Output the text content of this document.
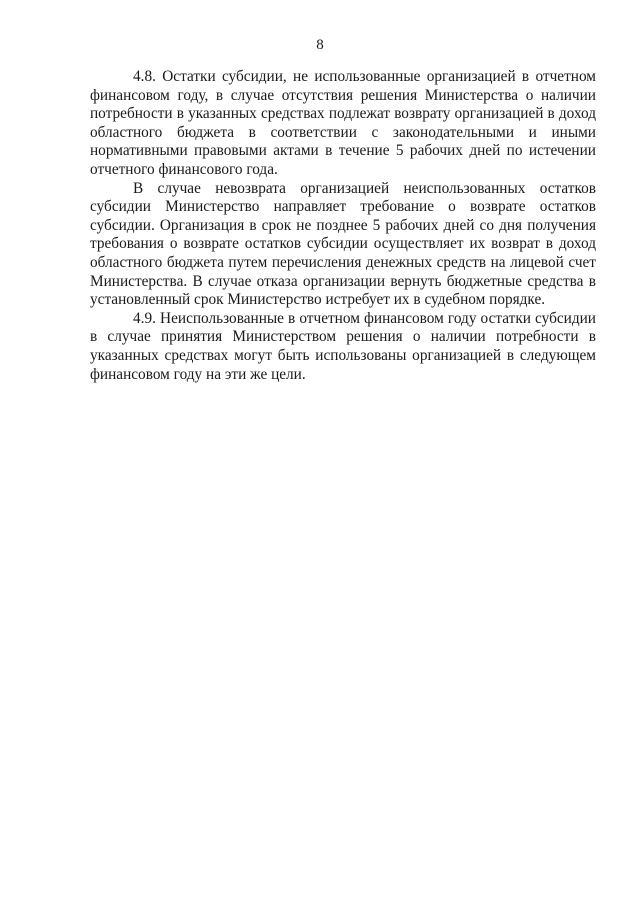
8

4.8. Остатки субсидии, не использованные организацией в отчетном финансовом году, в случае отсутствия решения Министерства о наличии потребности в указанных средствах подлежат возврату организацией в доход областного бюджета в соответствии с законодательными и иными нормативными правовыми актами в течение 5 рабочих дней по истечении отчетного финансового года.

В случае невозврата организацией неиспользованных остатков субсидии Министерство направляет требование о возврате остатков субсидии. Организация в срок не позднее 5 рабочих дней со дня получения требования о возврате остатков субсидии осуществляет их возврат в доход областного бюджета путем перечисления денежных средств на лицевой счет Министерства. В случае отказа организации вернуть бюджетные средства в установленный срок Министерство истребует их в судебном порядке.

4.9. Неиспользованные в отчетном финансовом году остатки субсидии в случае принятия Министерством решения о наличии потребности в указанных средствах могут быть использованы организацией в следующем финансовом году на эти же цели.
